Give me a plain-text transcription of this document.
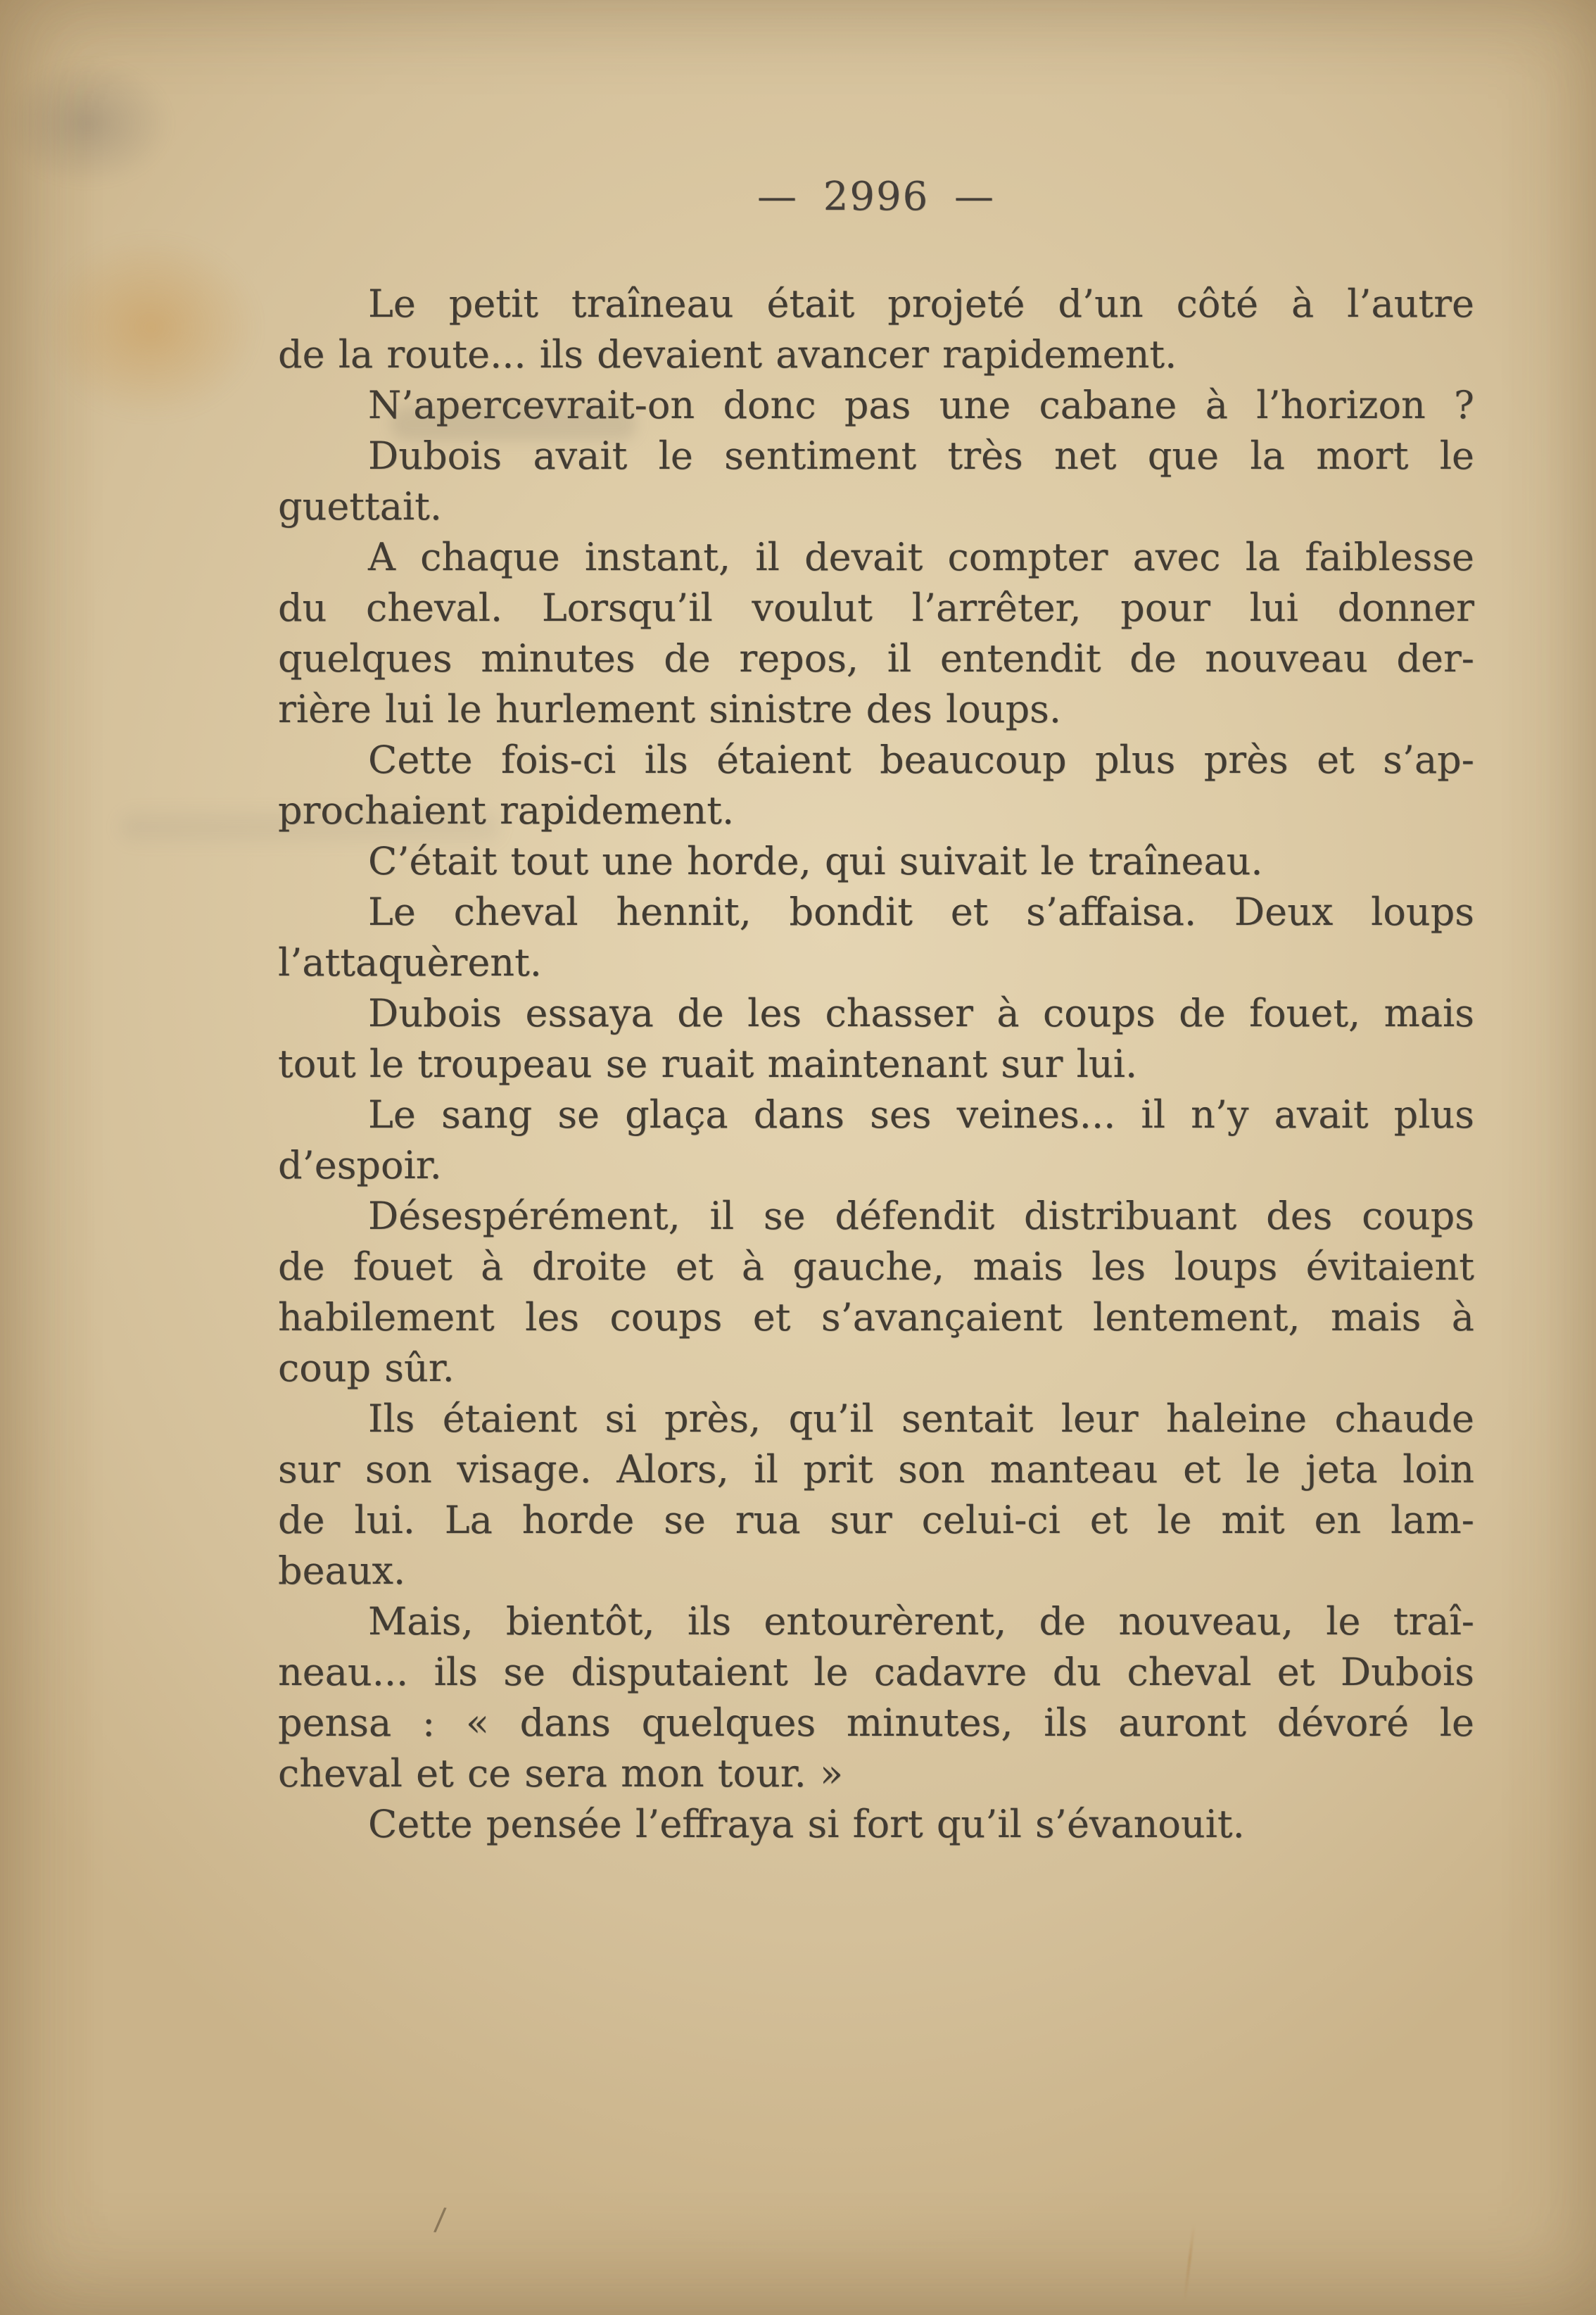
— 2996 —
Le petit traîneau était projeté d’un côté à l’autre
de la route... ils devaient avancer rapidement.
N’apercevrait-on donc pas une cabane à l’horizon ?
Dubois avait le sentiment très net que la mort le
guettait.
A chaque instant, il devait compter avec la faiblesse
du cheval. Lorsqu’il voulut l’arrêter, pour lui donner
quelques minutes de repos, il entendit de nouveau der-
rière lui le hurlement sinistre des loups.
Cette fois-ci ils étaient beaucoup plus près et s’ap-
prochaient rapidement.
C’était tout une horde, qui suivait le traîneau.
Le cheval hennit, bondit et s’affaisa. Deux loups
l’attaquèrent.
Dubois essaya de les chasser à coups de fouet, mais
tout le troupeau se ruait maintenant sur lui.
Le sang se glaça dans ses veines... il n’y avait plus
d’espoir.
Désespérément, il se défendit distribuant des coups
de fouet à droite et à gauche, mais les loups évitaient
habilement les coups et s’avançaient lentement, mais à
coup sûr.
Ils étaient si près, qu’il sentait leur haleine chaude
sur son visage. Alors, il prit son manteau et le jeta loin
de lui. La horde se rua sur celui-ci et le mit en lam-
beaux.
Mais, bientôt, ils entourèrent, de nouveau, le traî-
neau... ils se disputaient le cadavre du cheval et Dubois
pensa : « dans quelques minutes, ils auront dévoré le
cheval et ce sera mon tour. »
Cette pensée l’effraya si fort qu’il s’évanouit.
/
